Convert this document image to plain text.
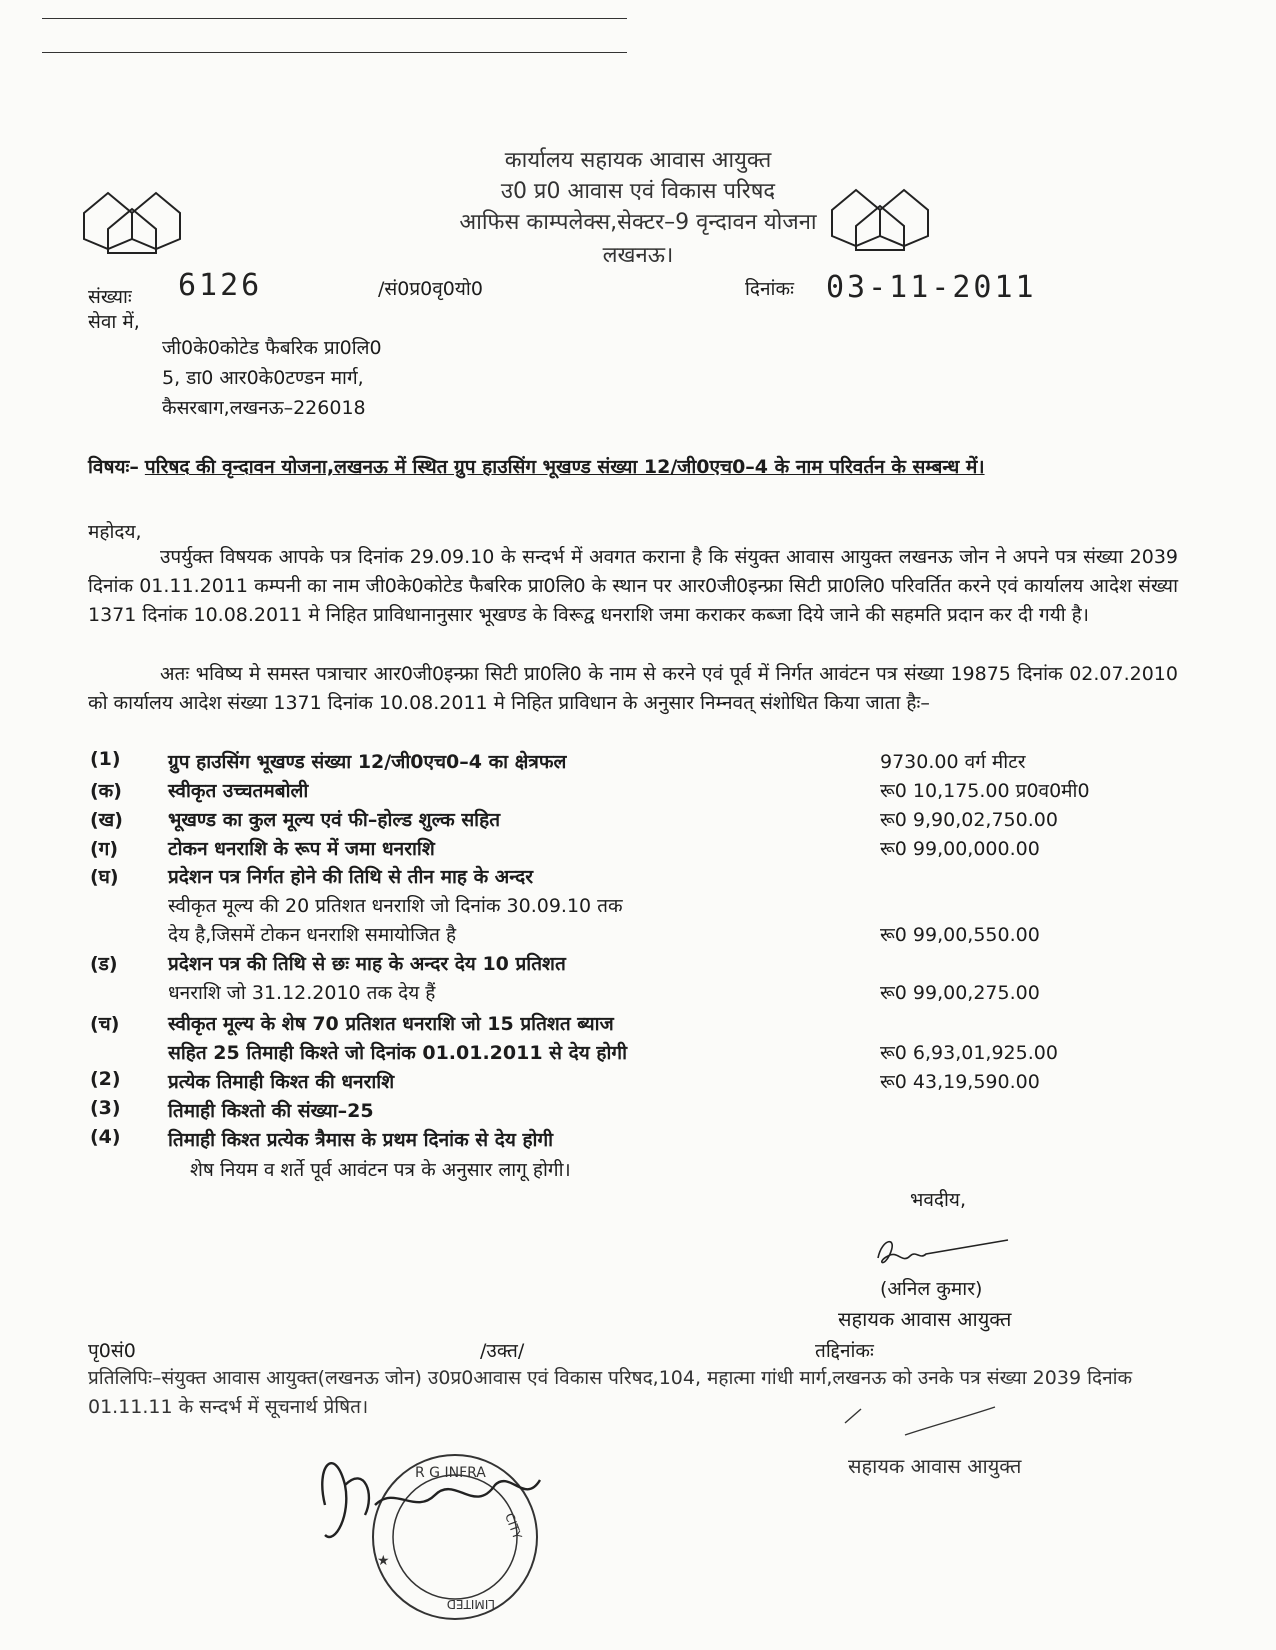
कार्यालय सहायक आवास आयुक्त
उ0 प्र0 आवास एवं विकास परिषद
आफिस काम्पलेक्स,सेक्टर–9 वृन्दावन योजना
लखनऊ।
संख्याः 6126	/सं0प्र0वृ0यो0	दिनांकः 03-11-2011
सेवा में,
जी0के0कोटेड फैबरिक प्रा0लि0
5, डा0 आर0के0टण्डन मार्ग,
कैसरबाग,लखनऊ–226018
विषयः– परिषद की वृन्दावन योजना,लखनऊ में स्थित ग्रुप हाउसिंग भूखण्ड संख्या 12/जी0एच0–4 के नाम परिवर्तन के सम्बन्ध में।
महोदय,
उपर्युक्त विषयक आपके पत्र दिनांक 29.09.10 के सन्दर्भ में अवगत कराना है कि संयुक्त आवास आयुक्त लखनऊ जोन ने अपने पत्र संख्या 2039 दिनांक 01.11.2011 कम्पनी का नाम जी0के0कोटेड फैबरिक प्रा0लि0 के स्थान पर आर0जी0इन्फ्रा सिटी प्रा0लि0 परिवर्तित करने एवं कार्यालय आदेश संख्या 1371 दिनांक 10.08.2011 मे निहित प्राविधानानुसार भूखण्ड के विरूद्व धनराशि जमा कराकर कब्जा दिये जाने की सहमति प्रदान कर दी गयी है।
अतः भविष्य मे समस्त पत्राचार आर0जी0इन्फ्रा सिटी प्रा0लि0 के नाम से करने एवं पूर्व में निर्गत आवंटन पत्र संख्या 19875 दिनांक 02.07.2010 को कार्यालय आदेश संख्या 1371 दिनांक 10.08.2011 मे निहित प्राविधान के अनुसार निम्नवत् संशोधित किया जाता हैः–
(1)	ग्रुप हाउसिंग भूखण्ड संख्या 12/जी0एच0–4 का क्षेत्रफल	9730.00 वर्ग मीटर
(क)	स्वीकृत उच्चतमबोली	रू0 10,175.00 प्र0व0मी0
(ख)	भूखण्ड का कुल मूल्य एवं फी–होल्ड शुल्क सहित	रू0 9,90,02,750.00
(ग)	टोकन धनराशि के रूप में जमा धनराशि	रू0 99,00,000.00
(घ)	प्रदेशन पत्र निर्गत होने की तिथि से तीन माह के अन्दर
स्वीकृत मूल्य की 20 प्रतिशत धनराशि जो दिनांक 30.09.10 तक
देय है,जिसमें टोकन धनराशि समायोजित है	रू0 99,00,550.00
(ड)	प्रदेशन पत्र की तिथि से छः माह के अन्दर देय 10 प्रतिशत
धनराशि जो 31.12.2010 तक देय हैं	रू0 99,00,275.00
(च)	स्वीकृत मूल्य के शेष 70 प्रतिशत धनराशि जो 15 प्रतिशत ब्याज
सहित 25 तिमाही किश्ते जो दिनांक 01.01.2011 से देय होगी	रू0 6,93,01,925.00
(2)	प्रत्येक तिमाही किश्त की धनराशि	रू0 43,19,590.00
(3)	तिमाही किश्तो की संख्या–25
(4)	तिमाही किश्त प्रत्येक त्रैमास के प्रथम दिनांक से देय होगी
शेष नियम व शर्ते पूर्व आवंटन पत्र के अनुसार लागू होगी।
भवदीय,
(अनिल कुमार)
सहायक आवास आयुक्त
पृ0सं0	/उक्त/	तद्दिनांकः
प्रतिलिपिः–संयुक्त आवास आयुक्त(लखनऊ जोन) उ0प्र0आवास एवं विकास परिषद,104, महात्मा गांधी मार्ग,लखनऊ को उनके पत्र संख्या 2039 दिनांक 01.11.11 के सन्दर्भ में सूचनार्थ प्रेषित।
सहायक आवास आयुक्त
R G INFRA
CITY
LIMITED
★
